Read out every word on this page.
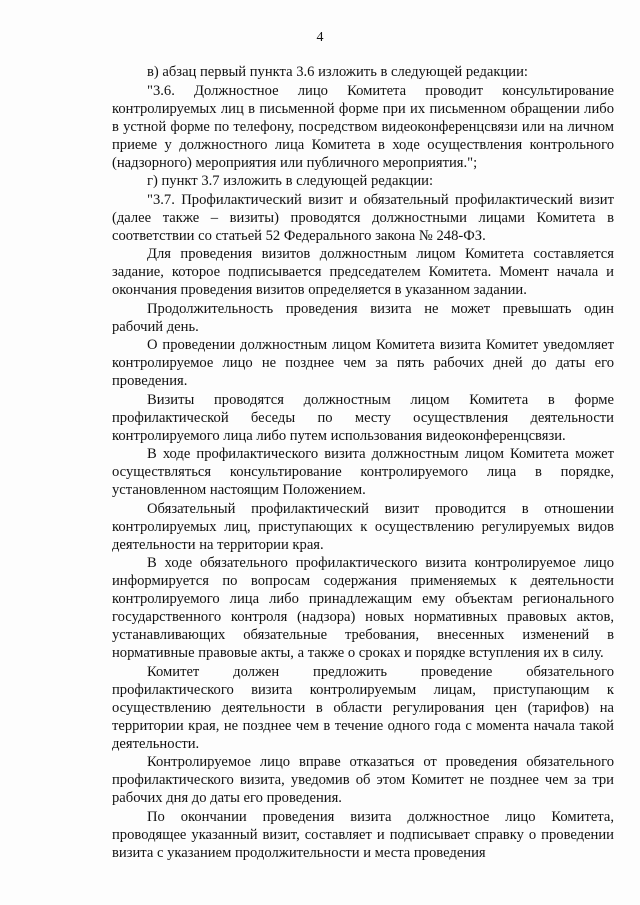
4

в) абзац первый пункта 3.6 изложить в следующей редакции:

"3.6. Должностное лицо Комитета проводит консультирование контролируемых лиц в письменной форме при их письменном обращении либо в устной форме по телефону, посредством видеоконференцсвязи или на личном приеме у должностного лица Комитета в ходе осуществления контрольного (надзорного) мероприятия или публичного мероприятия.";

г) пункт 3.7 изложить в следующей редакции:

"3.7. Профилактический визит и обязательный профилактический визит (далее также – визиты) проводятся должностными лицами Комитета в соответствии со статьей 52 Федерального закона № 248-ФЗ.

Для проведения визитов должностным лицом Комитета составляется задание, которое подписывается председателем Комитета. Момент начала и окончания проведения визитов определяется в указанном задании.

Продолжительность проведения визита не может превышать один рабочий день.

О проведении должностным лицом Комитета визита Комитет уведомляет контролируемое лицо не позднее чем за пять рабочих дней до даты его проведения.

Визиты проводятся должностным лицом Комитета в форме профилактической беседы по месту осуществления деятельности контролируемого лица либо путем использования видеоконференцсвязи.

В ходе профилактического визита должностным лицом Комитета может осуществляться консультирование контролируемого лица в порядке, установленном настоящим Положением.

Обязательный профилактический визит проводится в отношении контролируемых лиц, приступающих к осуществлению регулируемых видов деятельности на территории края.

В ходе обязательного профилактического визита контролируемое лицо информируется по вопросам содержания применяемых к деятельности контролируемого лица либо принадлежащим ему объектам регионального государственного контроля (надзора) новых нормативных правовых актов, устанавливающих обязательные требования, внесенных изменений в нормативные правовые акты, а также о сроках и порядке вступления их в силу.

Комитет должен предложить проведение обязательного профилактического визита контролируемым лицам, приступающим к осуществлению деятельности в области регулирования цен (тарифов) на территории края, не позднее чем в течение одного года с момента начала такой деятельности.

Контролируемое лицо вправе отказаться от проведения обязательного профилактического визита, уведомив об этом Комитет не позднее чем за три рабочих дня до даты его проведения.

По окончании проведения визита должностное лицо Комитета, проводящее указанный визит, составляет и подписывает справку о проведении визита с указанием продолжительности и места проведения
